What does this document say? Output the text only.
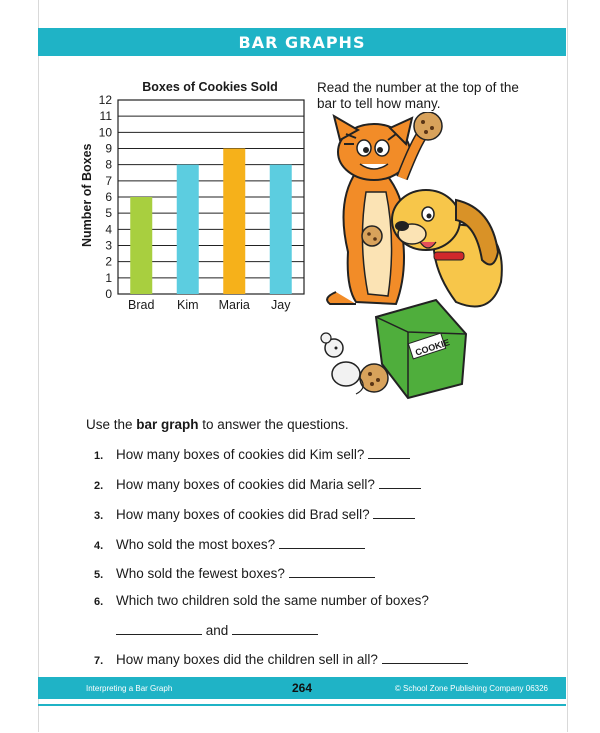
BAR GRAPHS
Boxes of Cookies Sold
Number of Boxes
0
1
2
3
4
5
6
7
8
9
10
11
12
Brad Kim Maria Jay
Read the number at the top of the bar to tell how many.
COOKIE
Use the bar graph to answer the questions.
1. How many boxes of cookies did Kim sell?
2. How many boxes of cookies did Maria sell?
3. How many boxes of cookies did Brad sell?
4. Who sold the most boxes?
5. Who sold the fewest boxes?
6. Which two children sold the same number of boxes?
and
7. How many boxes did the children sell in all?
Interpreting a Bar Graph	264	© School Zone Publishing Company 06326
